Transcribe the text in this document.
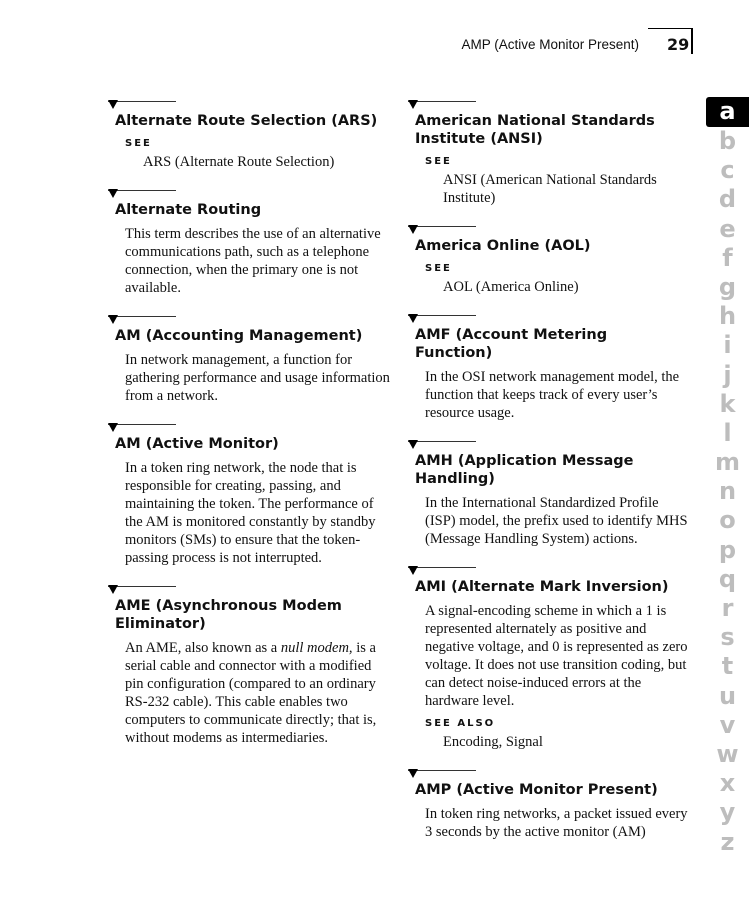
AMP (Active Monitor Present) 29
Alternate Route Selection (ARS)
SEE
ARS (Alternate Route Selection)
Alternate Routing
This term describes the use of an alternative communications path, such as a telephone connection, when the primary one is not available.
AM (Accounting Management)
In network management, a function for gathering performance and usage information from a network.
AM (Active Monitor)
In a token ring network, the node that is responsible for creating, passing, and maintaining the token. The performance of the AM is monitored constantly by standby monitors (SMs) to ensure that the token-passing process is not interrupted.
AME (Asynchronous Modem Eliminator)
An AME, also known as a null modem, is a serial cable and connector with a modified pin configuration (compared to an ordinary RS-232 cable). This cable enables two computers to communicate directly; that is, without modems as intermediaries.
American National Standards Institute (ANSI)
SEE
ANSI (American National Standards Institute)
America Online (AOL)
SEE
AOL (America Online)
AMF (Account Metering Function)
In the OSI network management model, the function that keeps track of every user’s resource usage.
AMH (Application Message Handling)
In the International Standardized Profile (ISP) model, the prefix used to identify MHS (Message Handling System) actions.
AMI (Alternate Mark Inversion)
A signal-encoding scheme in which a 1 is represented alternately as positive and negative voltage, and 0 is represented as zero voltage. It does not use transition coding, but can detect noise-induced errors at the hardware level.
SEE ALSO
Encoding, Signal
AMP (Active Monitor Present)
In token ring networks, a packet issued every 3 seconds by the active monitor (AM)
a
b
c
d
e
f
g
h
i
j
k
l
m
n
o
p
q
r
s
t
u
v
w
x
y
z
